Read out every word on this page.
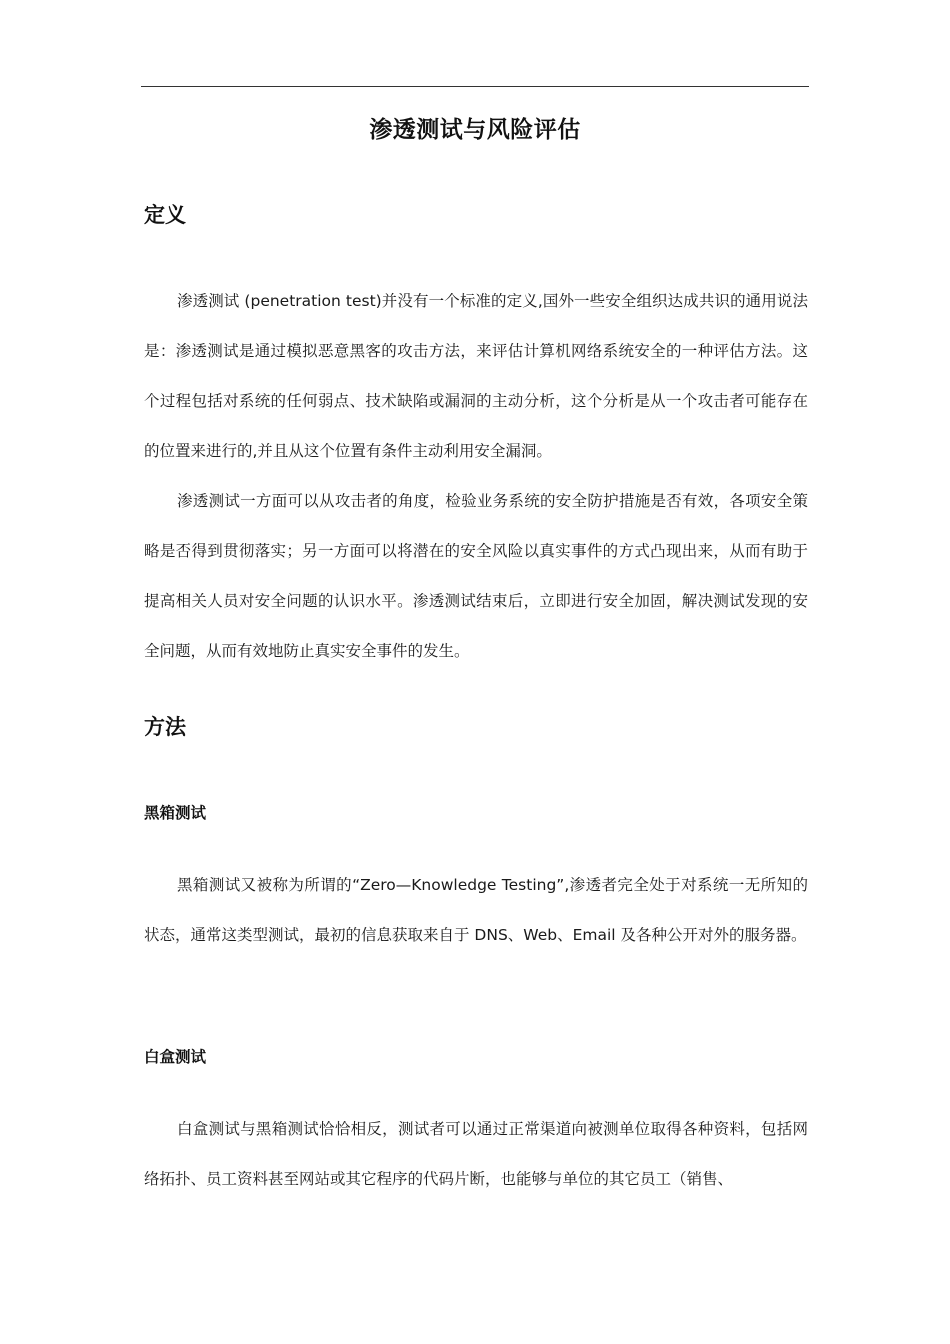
渗透测试与风险评估
定义

渗透测试 (penetration test)并没有一个标准的定义,国外一些安全组织达成共识的通用说法是：渗透测试是通过模拟恶意黑客的攻击方法，来评估计算机网络系统安全的一种评估方法。这个过程包括对系统的任何弱点、技术缺陷或漏洞的主动分析，这个分析是从一个攻击者可能存在的位置来进行的,并且从这个位置有条件主动利用安全漏洞。

渗透测试一方面可以从攻击者的角度，检验业务系统的安全防护措施是否有效，各项安全策略是否得到贯彻落实；另一方面可以将潜在的安全风险以真实事件的方式凸现出来，从而有助于提高相关人员对安全问题的认识水平。渗透测试结束后，立即进行安全加固，解决测试发现的安全问题，从而有效地防止真实安全事件的发生。

方法
黑箱测试

黑箱测试又被称为所谓的“Zero—Knowledge Testing”,渗透者完全处于对系统一无所知的状态，通常这类型测试，最初的信息获取来自于 DNS、Web、Email 及各种公开对外的服务器。

白盒测试

白盒测试与黑箱测试恰恰相反，测试者可以通过正常渠道向被测单位取得各种资料，包括网络拓扑、员工资料甚至网站或其它程序的代码片断，也能够与单位的其它员工（销售、
